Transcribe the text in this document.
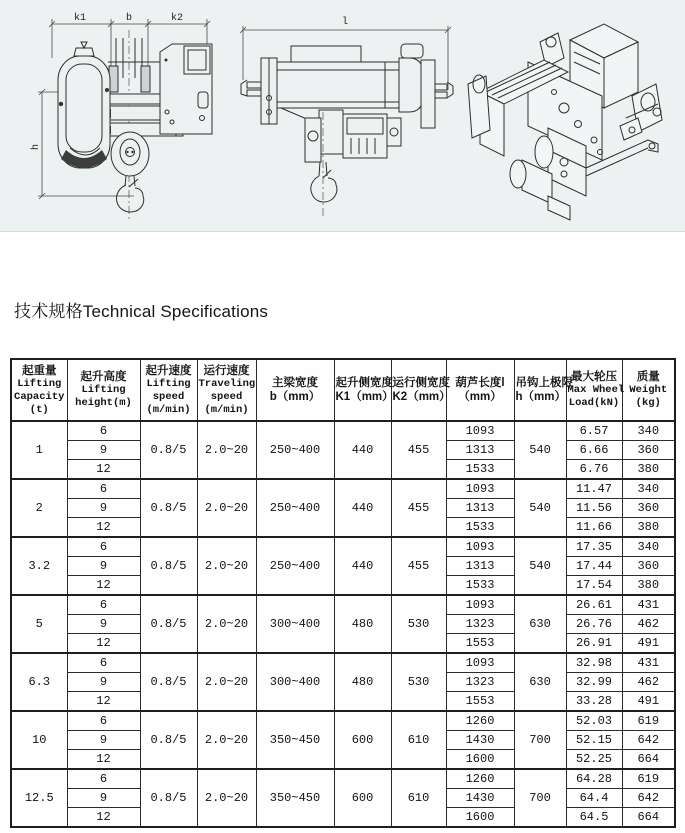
k1	b	k2
h
l
技术规格Technical Specifications
起重量
Lifting
Capacity
(t)

起升高度
Lifting
height(m)

起升速度
Lifting
speed
(m/min)

运行速度
Traveling
speed
(m/min)

主梁宽度
b（mm）

起升侧宽度
K1（mm）

运行侧宽度
K2（mm）

葫芦长度l
（mm）

吊钩上极限
h（mm）

最大轮压
Max Wheel
Load(kN)

质量
Weight
(kg)

1	6	0.8/5	2.0~20	250~400	440	455	1093	540	6.57	340
	9						1313		6.66	360
	12						1533		6.76	380
2	6	0.8/5	2.0~20	250~400	440	455	1093	540	11.47	340
	9						1313		11.56	360
	12						1533		11.66	380
3.2	6	0.8/5	2.0~20	250~400	440	455	1093	540	17.35	340
	9						1313		17.44	360
	12						1533		17.54	380
5	6	0.8/5	2.0~20	300~400	480	530	1093	630	26.61	431
	9						1323		26.76	462
	12						1553		26.91	491
6.3	6	0.8/5	2.0~20	300~400	480	530	1093	630	32.98	431
	9						1323		32.99	462
	12						1553		33.28	491
10	6	0.8/5	2.0~20	350~450	600	610	1260	700	52.03	619
	9						1430		52.15	642
	12						1600		52.25	664
12.5	6	0.8/5	2.0~20	350~450	600	610	1260	700	64.28	619
	9						1430		64.4	642
	12						1600		64.5	664
